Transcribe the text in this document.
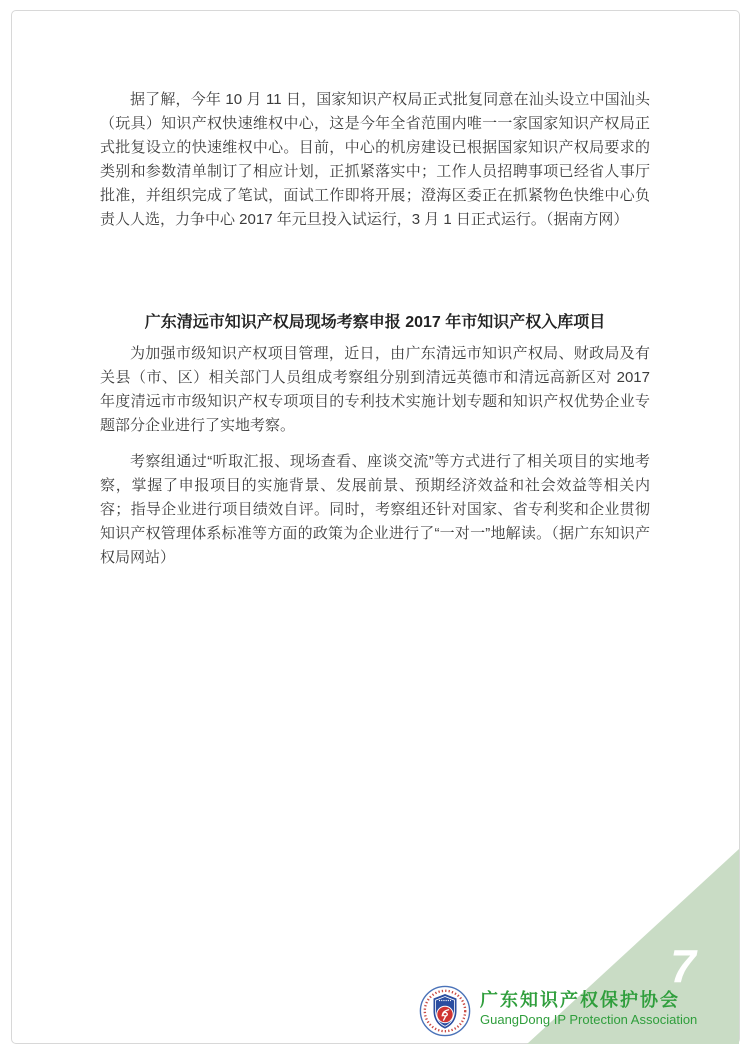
据了解，今年 10 月 11 日，国家知识产权局正式批复同意在汕头设立中国汕头（玩具）知识产权快速维权中心，这是今年全省范围内唯一一家国家知识产权局正式批复设立的快速维权中心。目前，中心的机房建设已根据国家知识产权局要求的类别和参数清单制订了相应计划，正抓紧落实中；工作人员招聘事项已经省人事厅批准，并组织完成了笔试，面试工作即将开展；澄海区委正在抓紧物色快维中心负责人人选，力争中心 2017 年元旦投入试运行，3 月 1 日正式运行。（据南方网）

广东清远市知识产权局现场考察申报 2017 年市知识产权入库项目

为加强市级知识产权项目管理，近日，由广东清远市知识产权局、财政局及有关县（市、区）相关部门人员组成考察组分别到清远英德市和清远高新区对 2017 年度清远市市级知识产权专项项目的专利技术实施计划专题和知识产权优势企业专题部分企业进行了实地考察。

考察组通过“听取汇报、现场查看、座谈交流”等方式进行了相关项目的实地考察，掌握了申报项目的实施背景、发展前景、预期经济效益和社会效益等相关内容；指导企业进行项目绩效自评。同时，考察组还针对国家、省专利奖和企业贯彻知识产权管理体系标准等方面的政策为企业进行了“一对一”地解读。（据广东知识产权局网站）

7
广东知识产权保护协会
GuangDong IP Protection Association
